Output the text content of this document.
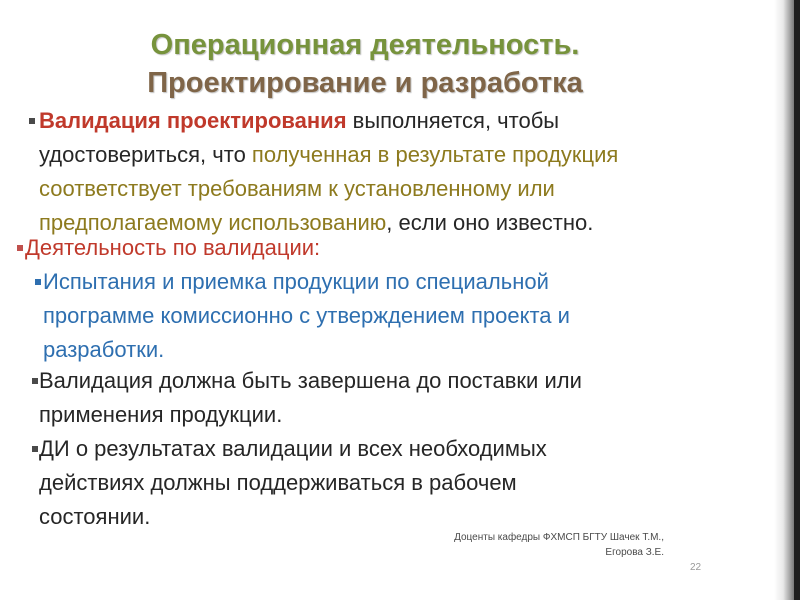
Операционная деятельность.
Проектирование и разработка
Валидация проектирования выполняется, чтобы
удостовериться, что полученная в результате продукция
соответствует требованиям к установленному или
предполагаемому использованию, если оно известно.
Деятельность по валидации:
Испытания и приемка продукции по специальной
программе комиссионно с утверждением проекта и
разработки.
Валидация должна быть завершена до поставки или
применения продукции.
ДИ о результатах валидации и всех необходимых
действиях должны поддерживаться в рабочем
состоянии.
Доценты кафедры ФХМСП БГТУ Шачек Т.М.,
Егорова З.Е.
22
